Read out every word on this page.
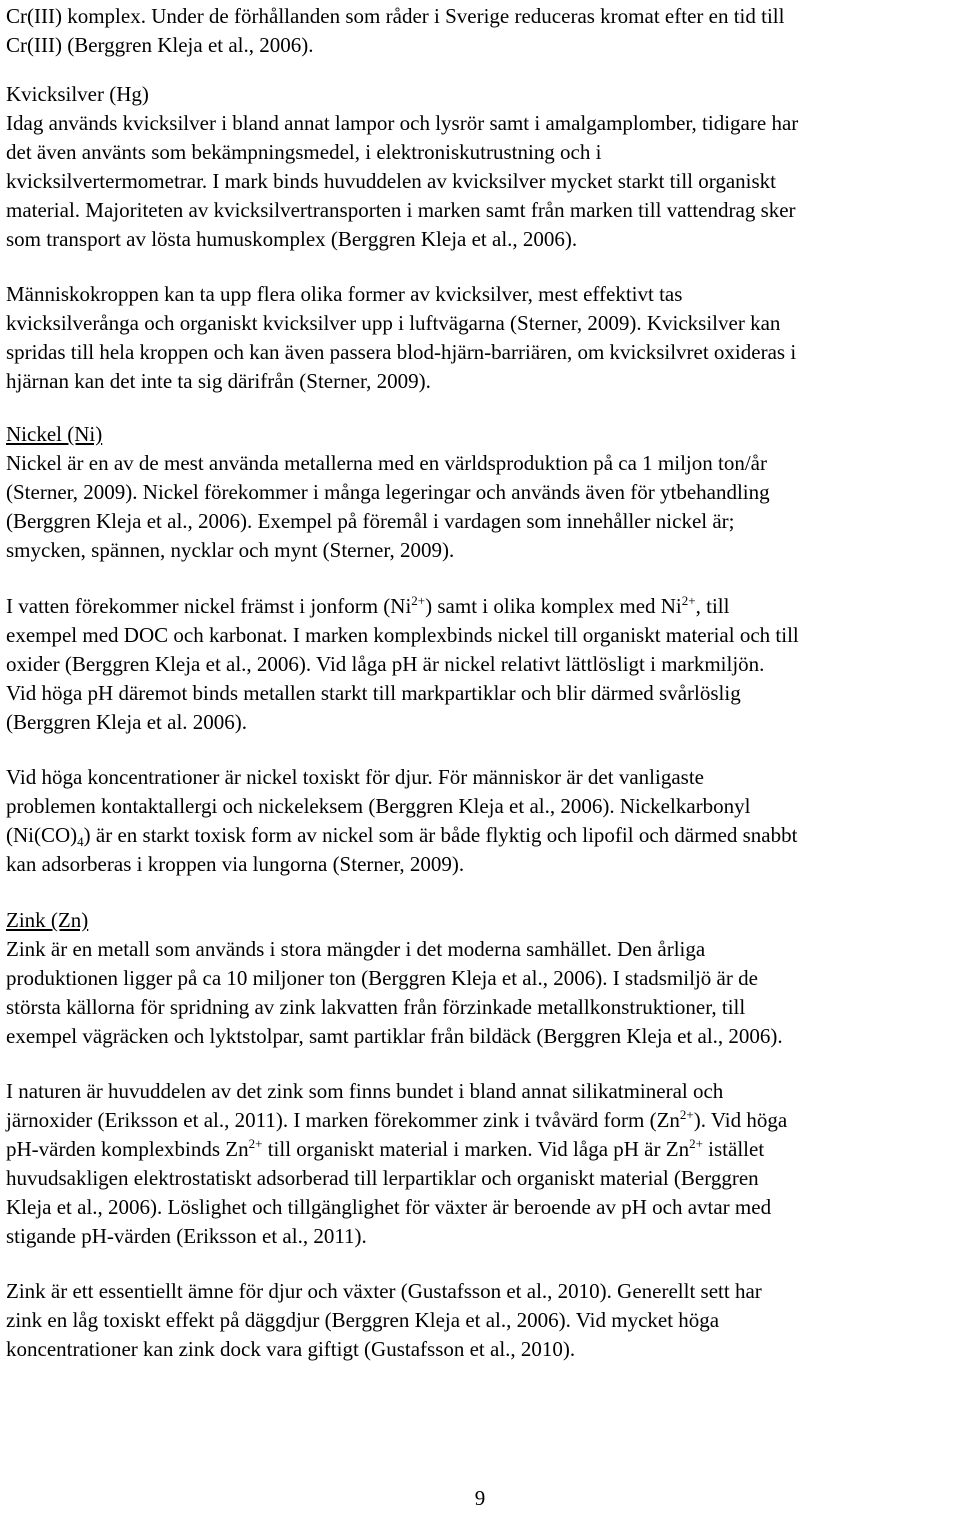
Cr(III) komplex. Under de förhållanden som råder i Sverige reduceras kromat efter en tid till
Cr(III) (Berggren Kleja et al., 2006).

Kvicksilver (Hg)
Idag används kvicksilver i bland annat lampor och lysrör samt i amalgamplomber, tidigare har
det även använts som bekämpningsmedel, i elektroniskutrustning och i
kvicksilvertermometrar. I mark binds huvuddelen av kvicksilver mycket starkt till organiskt
material. Majoriteten av kvicksilvertransporten i marken samt från marken till vattendrag sker
som transport av lösta humuskomplex (Berggren Kleja et al., 2006).

Människokroppen kan ta upp flera olika former av kvicksilver, mest effektivt tas
kvicksilverånga och organiskt kvicksilver upp i luftvägarna (Sterner, 2009). Kvicksilver kan
spridas till hela kroppen och kan även passera blod-hjärn-barriären, om kvicksilvret oxideras i
hjärnan kan det inte ta sig därifrån (Sterner, 2009).

Nickel (Ni)
Nickel är en av de mest använda metallerna med en världsproduktion på ca 1 miljon ton/år
(Sterner, 2009). Nickel förekommer i många legeringar och används även för ytbehandling
(Berggren Kleja et al., 2006). Exempel på föremål i vardagen som innehåller nickel är;
smycken, spännen, nycklar och mynt (Sterner, 2009).

I vatten förekommer nickel främst i jonform $(Ni^{2+})$ samt i olika komplex med $Ni^{2+}$, till
exempel med DOC och karbonat. I marken komplexbinds nickel till organiskt material och till
oxider (Berggren Kleja et al., 2006). Vid låga pH är nickel relativt lättlösligt i markmiljön.
Vid höga pH däremot binds metallen starkt till markpartiklar och blir därmed svårlöslig
(Berggren Kleja et al. 2006).

Vid höga koncentrationer är nickel toxiskt för djur. För människor är det vanligaste
problemen kontaktallergi och nickeleksem (Berggren Kleja et al., 2006). Nickelkarbonyl
$(Ni(CO)_4)$ är en starkt toxisk form av nickel som är både flyktig och lipofil och därmed snabbt
kan adsorberas i kroppen via lungorna (Sterner, 2009).

Zink (Zn)
Zink är en metall som används i stora mängder i det moderna samhället. Den årliga
produktionen ligger på ca 10 miljoner ton (Berggren Kleja et al., 2006). I stadsmiljö är de
största källorna för spridning av zink lakvatten från förzinkade metallkonstruktioner, till
exempel vägräcken och lyktstolpar, samt partiklar från bildäck (Berggren Kleja et al., 2006).

I naturen är huvuddelen av det zink som finns bundet i bland annat silikatmineral och
järnoxider (Eriksson et al., 2011). I marken förekommer zink i tvåvärd form $(Zn^{2+})$. Vid höga
pH-värden komplexbinds $Zn^{2+}$ till organiskt material i marken. Vid låga pH är $Zn^{2+}$ istället
huvudsakligen elektrostatiskt adsorberad till lerpartiklar och organiskt material (Berggren
Kleja et al., 2006). Löslighet och tillgänglighet för växter är beroende av pH och avtar med
stigande pH-värden (Eriksson et al., 2011).

Zink är ett essentiellt ämne för djur och växter (Gustafsson et al., 2010). Generellt sett har
zink en låg toxiskt effekt på däggdjur (Berggren Kleja et al., 2006). Vid mycket höga
koncentrationer kan zink dock vara giftigt (Gustafsson et al., 2010).

9
